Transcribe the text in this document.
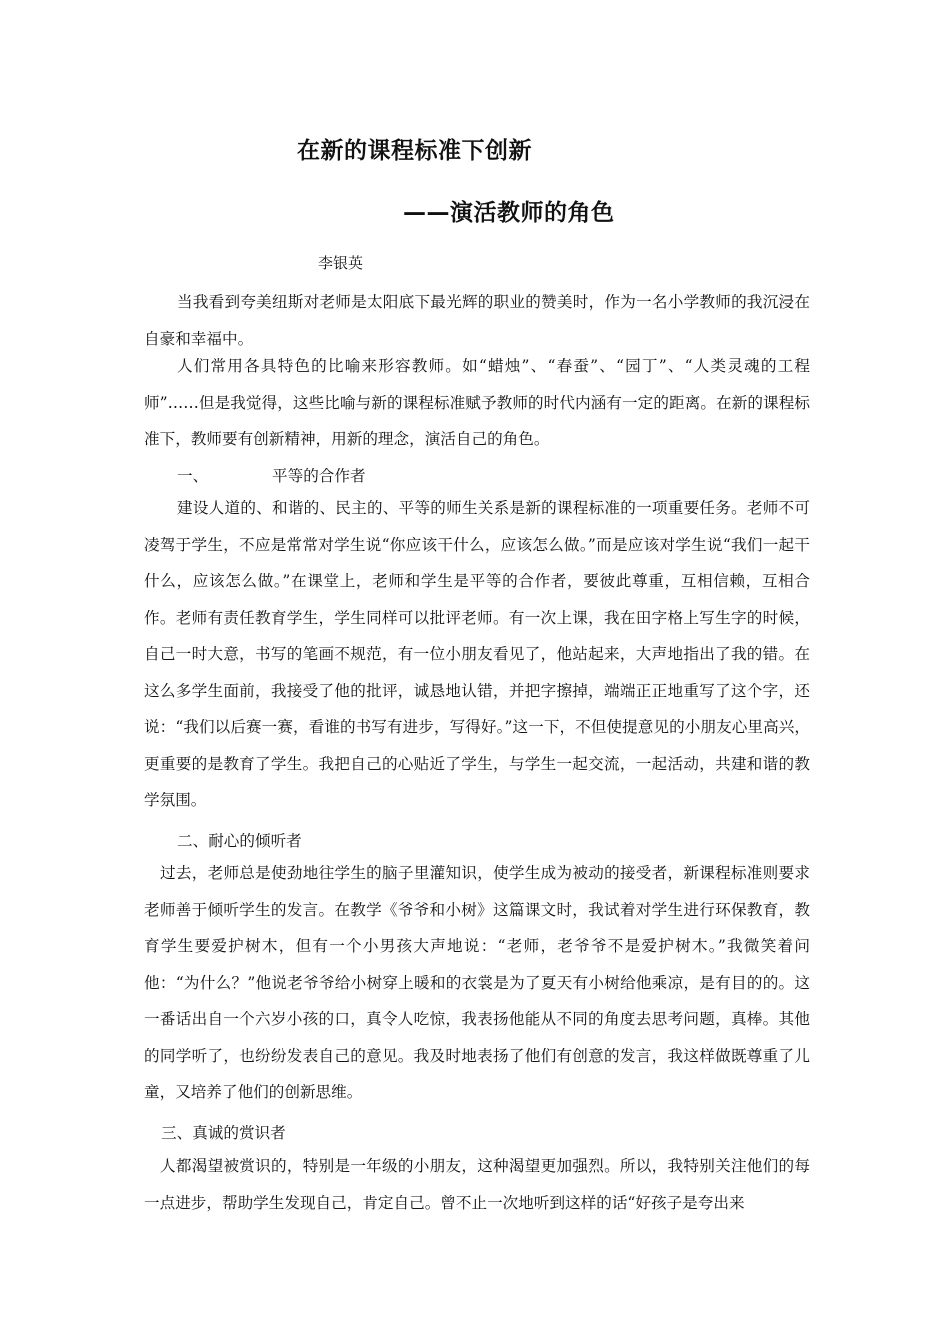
在新的课程标准下创新
——演活教师的角色
李银英

当我看到夸美纽斯对老师是太阳底下最光辉的职业的赞美时，作为一名小学教师的我沉浸在自豪和幸福中。

人们常用各具特色的比喻来形容教师。如“蜡烛”、“春蚕”、“园丁”、“人类灵魂的工程师”……但是我觉得，这些比喻与新的课程标准赋予教师的时代内涵有一定的距离。在新的课程标准下，教师要有创新精神，用新的理念，演活自己的角色。

一、	平等的合作者

建设人道的、和谐的、民主的、平等的师生关系是新的课程标准的一项重要任务。老师不可凌驾于学生，不应是常常对学生说“你应该干什么，应该怎么做。”而是应该对学生说“我们一起干什么，应该怎么做。”在课堂上，老师和学生是平等的合作者，要彼此尊重，互相信赖，互相合作。老师有责任教育学生，学生同样可以批评老师。有一次上课，我在田字格上写生字的时候，自己一时大意，书写的笔画不规范，有一位小朋友看见了，他站起来，大声地指出了我的错。在这么多学生面前，我接受了他的批评，诚恳地认错，并把字擦掉，端端正正地重写了这个字，还说：“我们以后赛一赛，看谁的书写有进步，写得好。”这一下，不但使提意见的小朋友心里高兴，更重要的是教育了学生。我把自己的心贴近了学生，与学生一起交流，一起活动，共建和谐的教学氛围。

二、耐心的倾听者

过去，老师总是使劲地往学生的脑子里灌知识，使学生成为被动的接受者，新课程标准则要求老师善于倾听学生的发言。在教学《爷爷和小树》这篇课文时，我试着对学生进行环保教育，教育学生要爱护树木，但有一个小男孩大声地说：“老师，老爷爷不是爱护树木。”我微笑着问他：“为什么？”他说老爷爷给小树穿上暖和的衣裳是为了夏天有小树给他乘凉，是有目的的。这一番话出自一个六岁小孩的口，真令人吃惊，我表扬他能从不同的角度去思考问题，真棒。其他的同学听了，也纷纷发表自己的意见。我及时地表扬了他们有创意的发言，我这样做既尊重了儿童，又培养了他们的创新思维。

三、真诚的赏识者

人都渴望被赏识的，特别是一年级的小朋友，这种渴望更加强烈。所以，我特别关注他们的每一点进步，帮助学生发现自己，肯定自己。曾不止一次地听到这样的话“好孩子是夸出来
